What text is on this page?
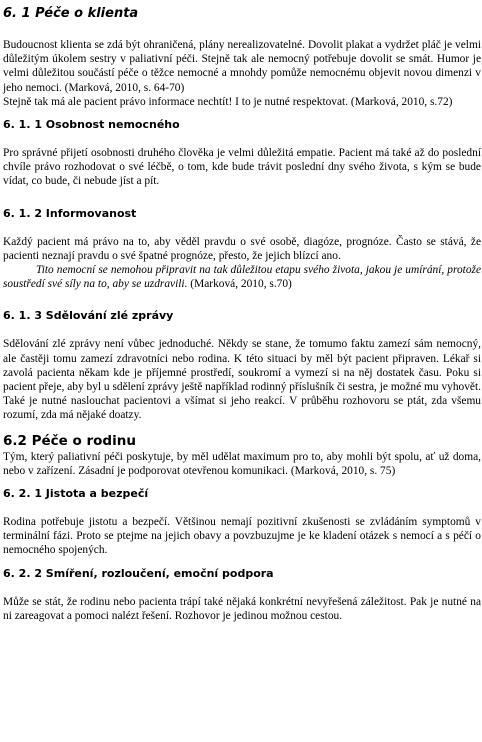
6. 1 Péče o klienta

Budoucnost klienta se zdá být ohraničená, plány nerealizovatelné. Dovolit plakat a vydržet pláč je velmi důležitým úkolem sestry v paliativní péči. Stejně tak ale nemocný potřebuje dovolit se smát. Humor je velmi důležitou součástí péče o těžce nemocné a mnohdy pomůže nemocnému objevit novou dimenzi v jeho nemoci. (Marková, 2010, s. 64-70)

Stejně tak má ale pacient právo informace nechtít! I to je nutné respektovat. (Marková, 2010, s.72)

6. 1. 1 Osobnost nemocného

Pro správné přijetí osobnosti druhého člověka je velmi důležitá empatie. Pacient má také až do poslední chvíle právo rozhodovat o své léčbě, o tom, kde bude trávit poslední dny svého života, s kým se bude vídat, co bude, či nebude jíst a pít.

6. 1. 2 Informovanost

Každý pacient má právo na to, aby věděl pravdu o své osobě, diagóze, prognóze. Často se stává, že pacienti neznají pravdu o své špatné prognóze, přesto, že jejich blízcí ano.

Tito nemocní se nemohou připravit na tak důležitou etapu svého života, jakou je umírání, protože soustředí své síly na to, aby se uzdravili. (Marková, 2010, s.70)

6. 1. 3 Sdělování zlé zprávy

Sdělování zlé zprávy není vůbec jednoduché. Někdy se stane, že tomumo faktu zamezí sám nemocný, ale častěji tomu zamezí zdravotníci nebo rodina. K této situaci by měl být pacient připraven. Lékař si zavolá pacienta někam kde je příjemné prostředí, soukromí a vymezí si na něj dostatek času. Poku si pacient přeje, aby byl u sdělení zprávy ještě například rodinný příslušník či sestra, je možné mu vyhovět. Také je nutné naslouchat pacientovi a všímat si jeho reakcí. V průběhu rozhovoru se ptát, zda všemu rozumí, zda má nějaké doatzy.

6.2 Péče o rodinu

Tým, který paliativní péči poskytuje, by měl udělat maximum pro to, aby mohli být spolu, ať už doma, nebo v zařízení. Zásadní je podporovat otevřenou komunikaci. (Marková, 2010, s. 75)

6. 2. 1 Jistota a bezpečí

Rodina potřebuje jistotu a bezpečí. Většinou nemají pozitivní zkušenosti se zvládáním symptomů v terminální fázi. Proto se ptejme na jejich obavy a povzbuzujme je ke kladení otázek s nemocí a s péčí o nemocného spojených.

6. 2. 2 Smíření, rozloučení, emoční podpora

Může se stát, že rodinu nebo pacienta trápí také nějaká konkrétní nevyřešená záležitost. Pak je nutné na ni zareagovat a pomoci nalézt řešení. Rozhovor je jedinou možnou cestou.
